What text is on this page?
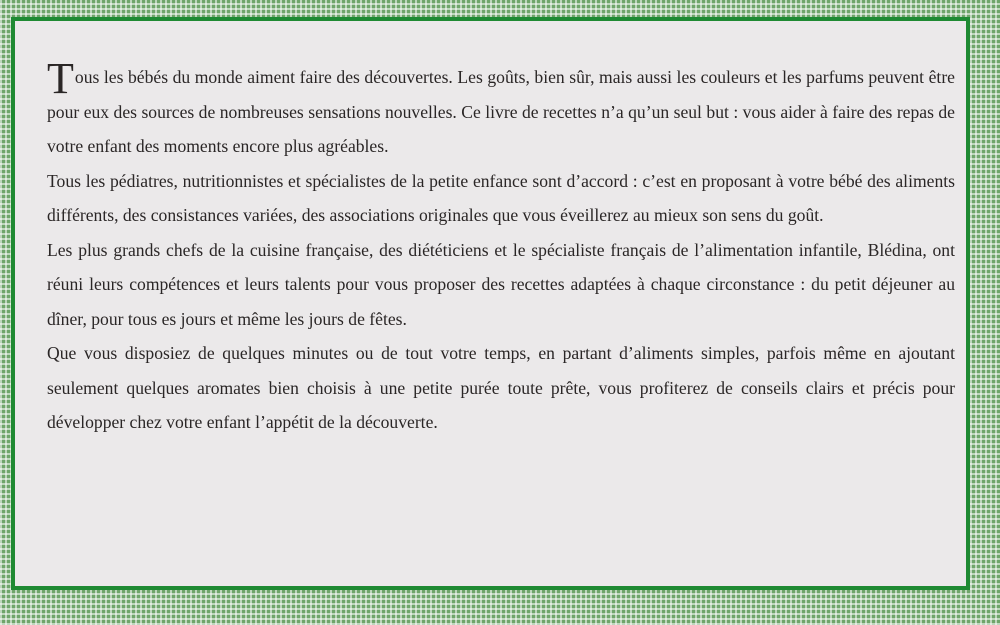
Tous les bébés du monde aiment faire des découvertes. Les goûts, bien sûr, mais aussi les couleurs et les parfums peuvent être pour eux des sources de nombreuses sensations nouvelles. Ce livre de recettes n’a qu’un seul but : vous aider à faire des repas de votre enfant des moments encore plus agréables.

Tous les pédiatres, nutritionnistes et spécialistes de la petite enfance sont d’accord : c’est en proposant à votre bébé des aliments différents, des consistances variées, des associations originales que vous éveillerez au mieux son sens du goût.

Les plus grands chefs de la cuisine française, des diététiciens et le spécialiste français de l’alimentation infantile, Blédina, ont réuni leurs compétences et leurs talents pour vous proposer des recettes adaptées à chaque circonstance : du petit déjeuner au dîner, pour tous es jours et même les jours de fêtes.

Que vous disposiez de quelques minutes ou de tout votre temps, en partant d’aliments simples, parfois même en ajoutant seulement quelques aromates bien choisis à une petite purée toute prête, vous profiterez de conseils clairs et précis pour développer chez votre enfant l’appétit de la découverte.
